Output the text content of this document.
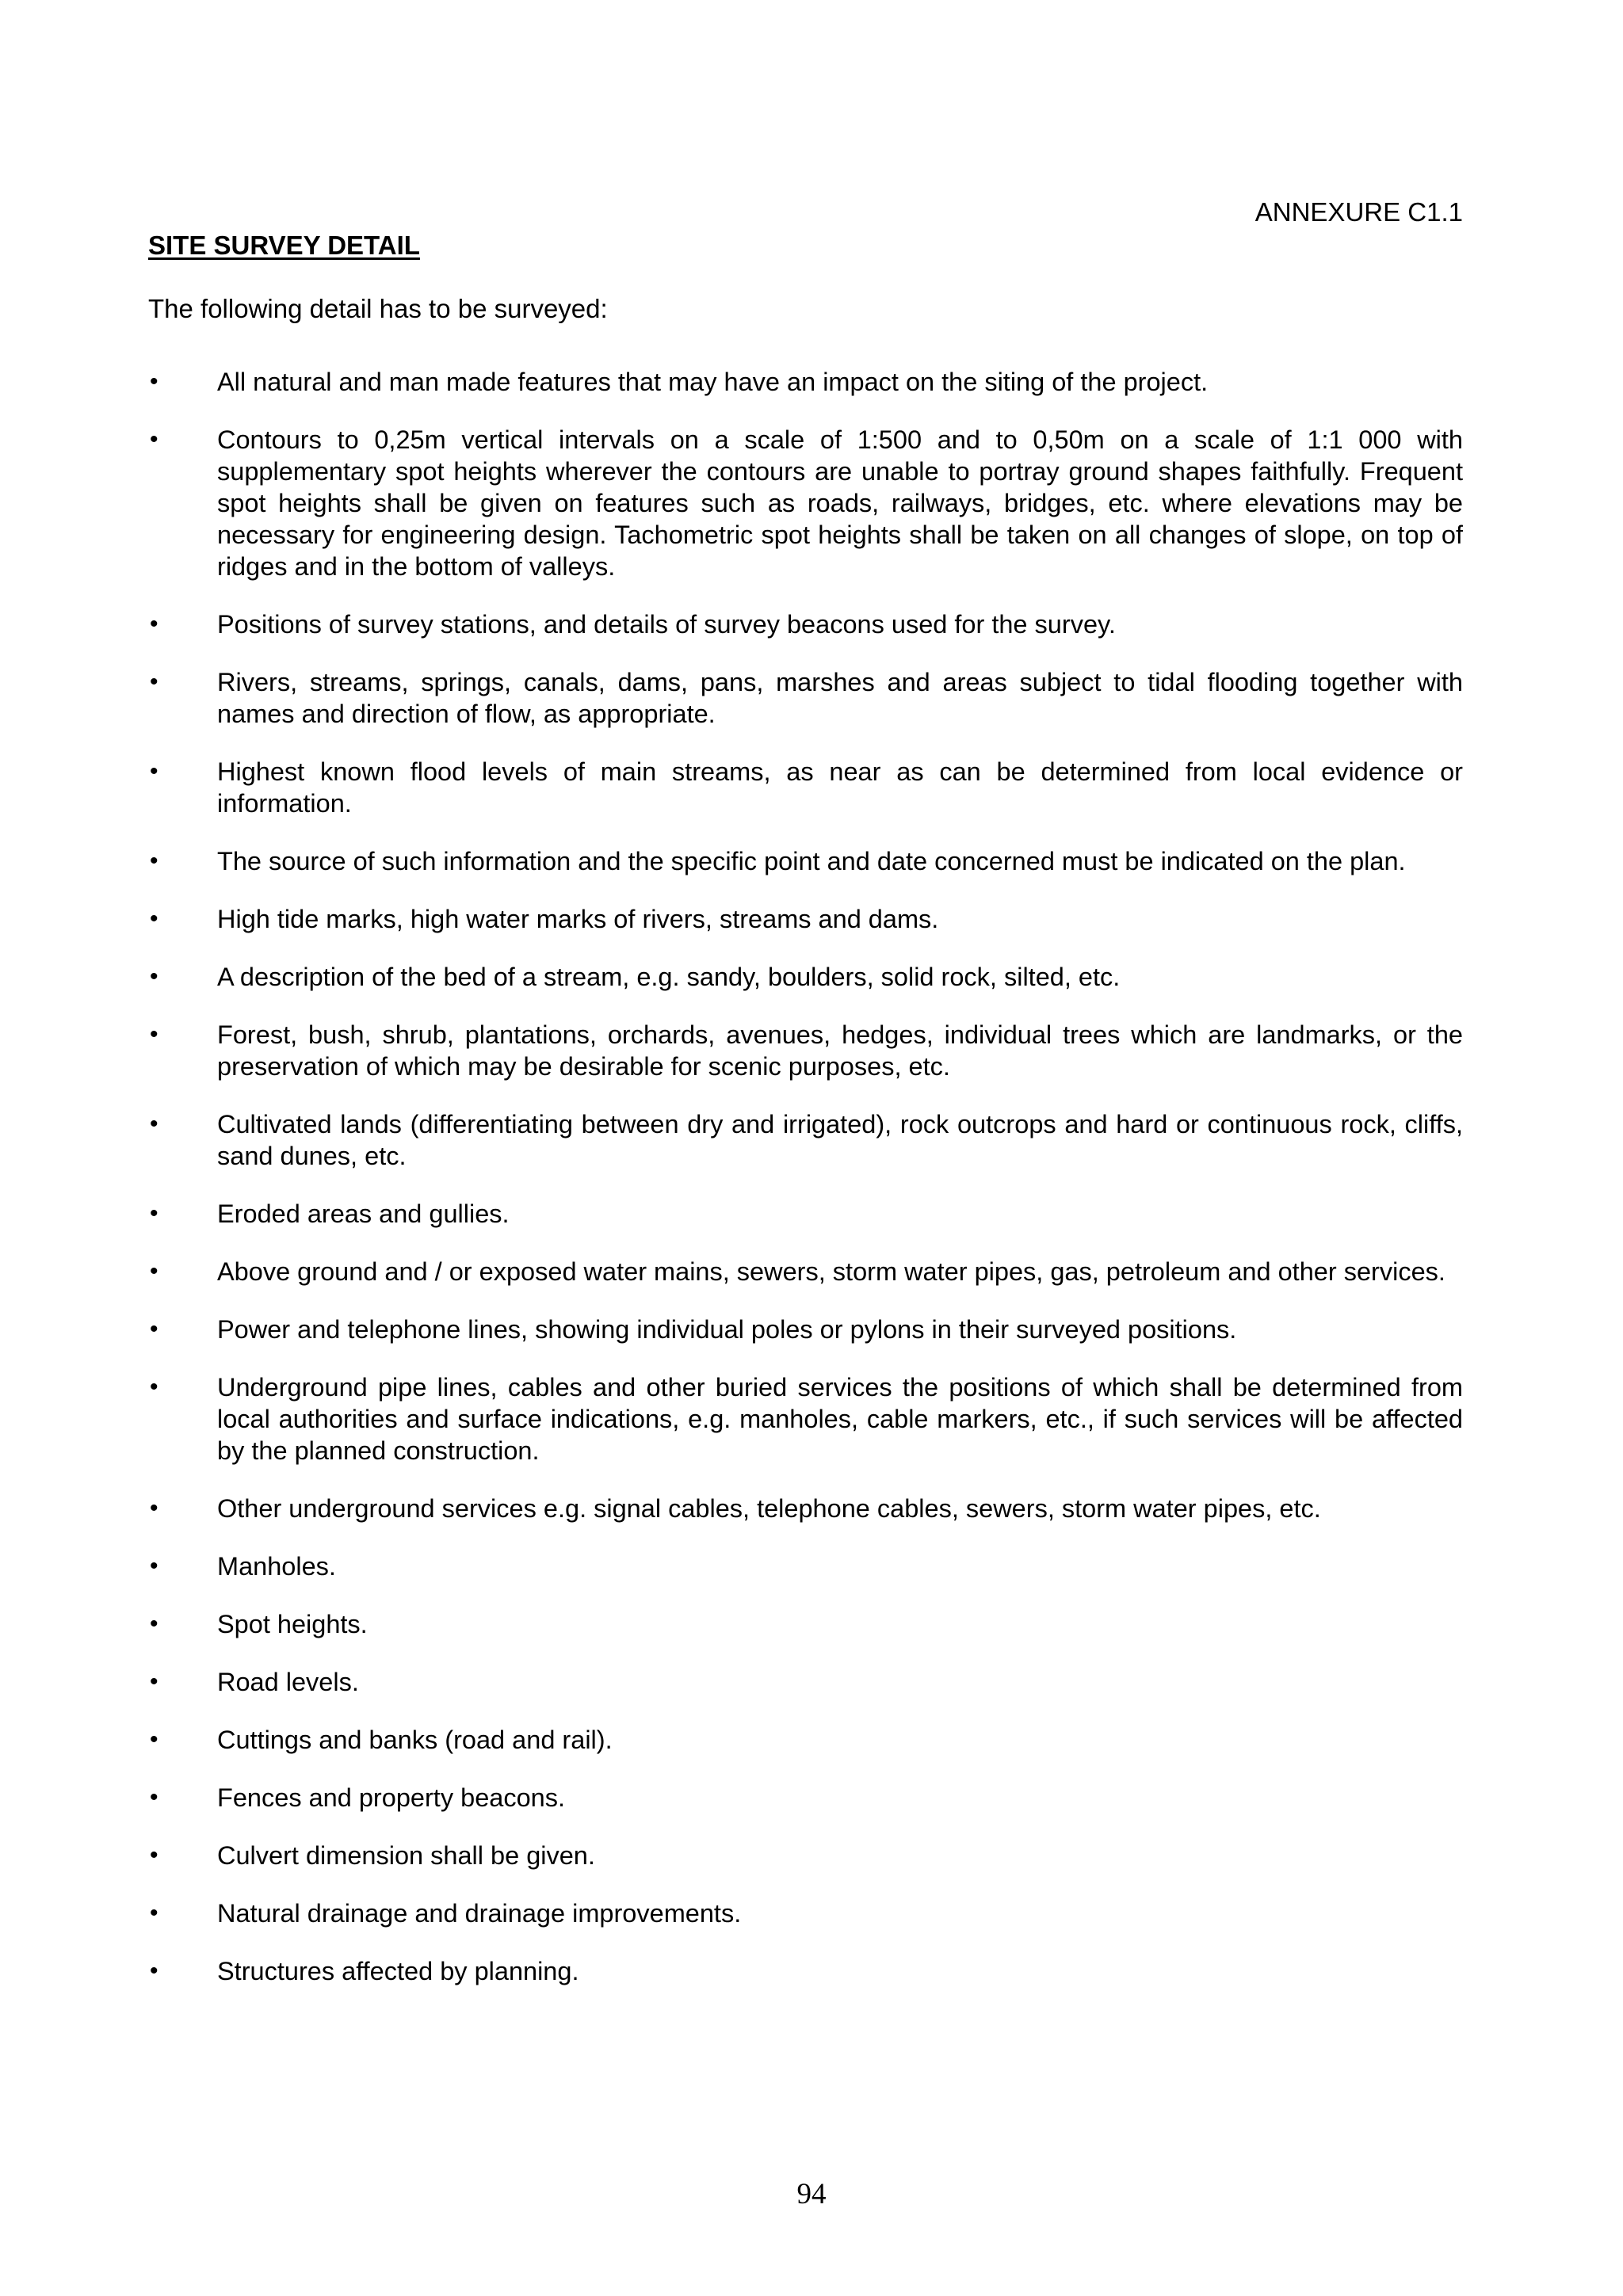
ANNEXURE C1.1
SITE SURVEY DETAIL
The following detail has to be surveyed:
• All natural and man made features that may have an impact on the siting of the project.
• Contours to 0,25m vertical intervals on a scale of 1:500 and to 0,50m on a scale of 1:1 000 with supplementary spot heights wherever the contours are unable to portray ground shapes faithfully. Frequent spot heights shall be given on features such as roads, railways, bridges, etc. where elevations may be necessary for engineering design. Tachometric spot heights shall be taken on all changes of slope, on top of ridges and in the bottom of valleys.
• Positions of survey stations, and details of survey beacons used for the survey.
• Rivers, streams, springs, canals, dams, pans, marshes and areas subject to tidal flooding together with names and direction of flow, as appropriate.
• Highest known flood levels of main streams, as near as can be determined from local evidence or information.
• The source of such information and the specific point and date concerned must be indicated on the plan.
• High tide marks, high water marks of rivers, streams and dams.
• A description of the bed of a stream, e.g. sandy, boulders, solid rock, silted, etc.
• Forest, bush, shrub, plantations, orchards, avenues, hedges, individual trees which are landmarks, or the preservation of which may be desirable for scenic purposes, etc.
• Cultivated lands (differentiating between dry and irrigated), rock outcrops and hard or continuous rock, cliffs, sand dunes, etc.
• Eroded areas and gullies.
• Above ground and / or exposed water mains, sewers, storm water pipes, gas, petroleum and other services.
• Power and telephone lines, showing individual poles or pylons in their surveyed positions.
• Underground pipe lines, cables and other buried services the positions of which shall be determined from local authorities and surface indications, e.g. manholes, cable markers, etc., if such services will be affected by the planned construction.
• Other underground services e.g. signal cables, telephone cables, sewers, storm water pipes, etc.
• Manholes.
• Spot heights.
• Road levels.
• Cuttings and banks (road and rail).
• Fences and property beacons.
• Culvert dimension shall be given.
• Natural drainage and drainage improvements.
• Structures affected by planning.
94
